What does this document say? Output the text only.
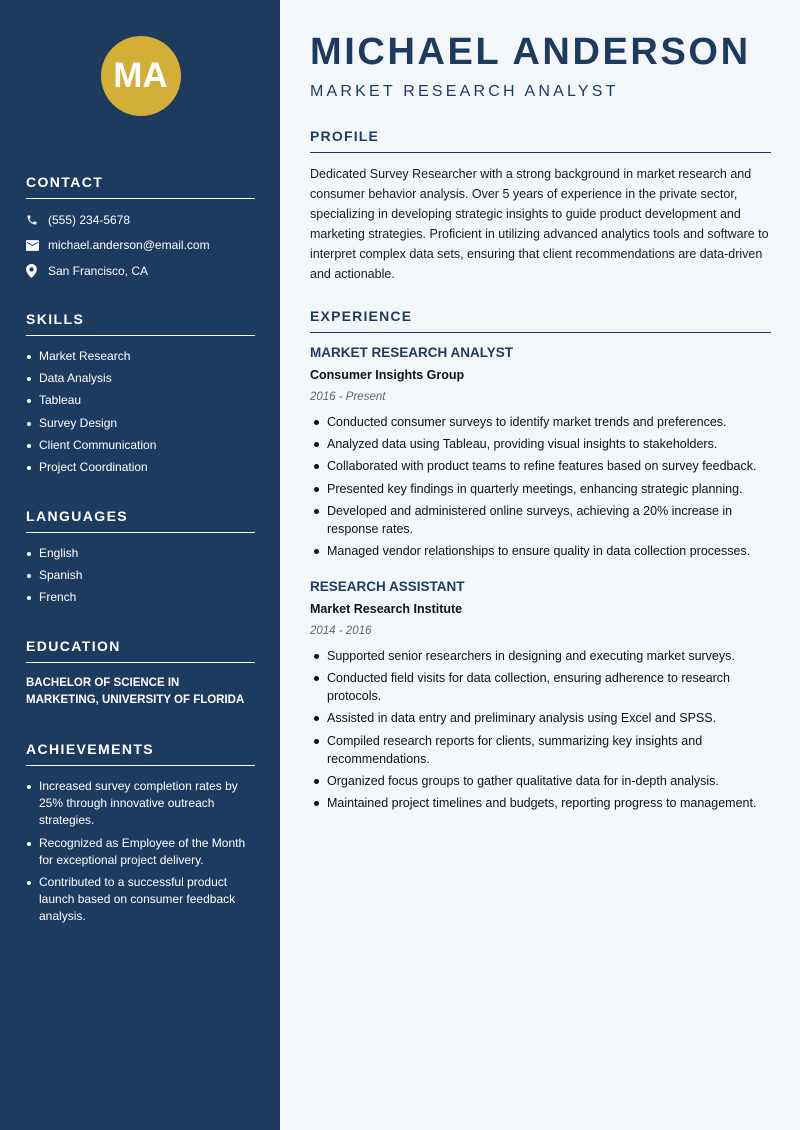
MA
CONTACT
(555) 234-5678
michael.anderson@email.com
San Francisco, CA
SKILLS
Market Research
Data Analysis
Tableau
Survey Design
Client Communication
Project Coordination
LANGUAGES
English
Spanish
French
EDUCATION
BACHELOR OF SCIENCE IN MARKETING, UNIVERSITY OF FLORIDA
ACHIEVEMENTS
Increased survey completion rates by 25% through innovative outreach strategies.
Recognized as Employee of the Month for exceptional project delivery.
Contributed to a successful product launch based on consumer feedback analysis.
MICHAEL ANDERSON
MARKET RESEARCH ANALYST
PROFILE

Dedicated Survey Researcher with a strong background in market research and consumer behavior analysis. Over 5 years of experience in the private sector, specializing in developing strategic insights to guide product development and marketing strategies. Proficient in utilizing advanced analytics tools and software to interpret complex data sets, ensuring that client recommendations are data-driven and actionable.

EXPERIENCE
MARKET RESEARCH ANALYST
Consumer Insights Group
2016 - Present
Conducted consumer surveys to identify market trends and preferences.
Analyzed data using Tableau, providing visual insights to stakeholders.
Collaborated with product teams to refine features based on survey feedback.
Presented key findings in quarterly meetings, enhancing strategic planning.
Developed and administered online surveys, achieving a 20% increase in response rates.
Managed vendor relationships to ensure quality in data collection processes.
RESEARCH ASSISTANT
Market Research Institute
2014 - 2016
Supported senior researchers in designing and executing market surveys.
Conducted field visits for data collection, ensuring adherence to research protocols.
Assisted in data entry and preliminary analysis using Excel and SPSS.
Compiled research reports for clients, summarizing key insights and recommendations.
Organized focus groups to gather qualitative data for in-depth analysis.
Maintained project timelines and budgets, reporting progress to management.
